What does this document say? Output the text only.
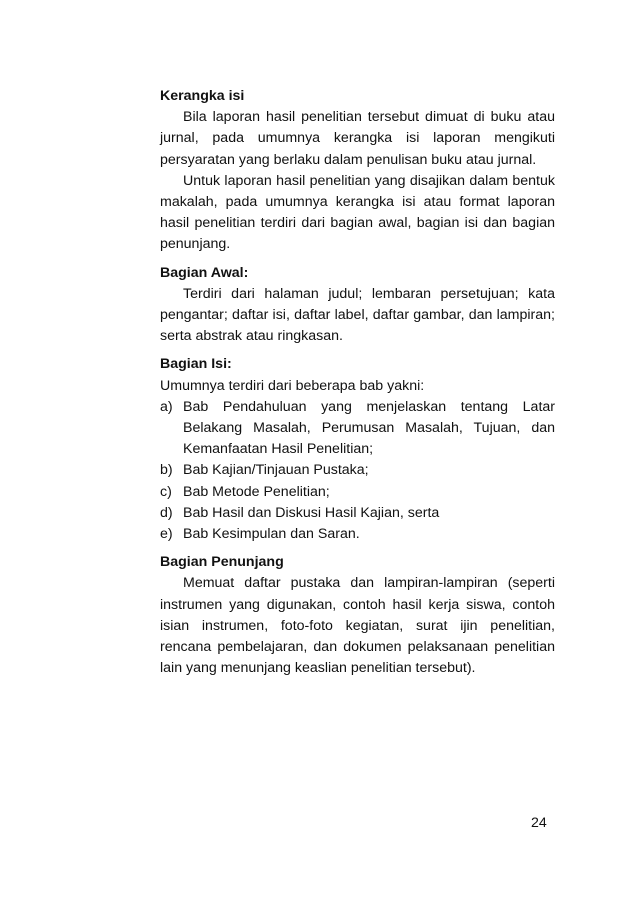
Kerangka isi

Bila laporan hasil penelitian tersebut dimuat di buku atau jurnal, pada umumnya kerangka isi laporan mengikuti persyaratan yang berlaku dalam penulisan buku atau jurnal.

Untuk laporan hasil penelitian yang disajikan dalam bentuk makalah, pada umumnya kerangka isi atau format laporan hasil penelitian terdiri dari bagian awal, bagian isi dan bagian penunjang.

Bagian Awal:

Terdiri dari halaman judul; lembaran persetujuan; kata pengantar; daftar isi, daftar label, daftar gambar, dan lampiran; serta abstrak atau ringkasan.

Bagian Isi:

Umumnya terdiri dari beberapa bab yakni:

a) Bab Pendahuluan yang menjelaskan tentang Latar Belakang Masalah, Perumusan Masalah, Tujuan, dan Kemanfaatan Hasil Penelitian;
b) Bab Kajian/Tinjauan Pustaka;
c) Bab Metode Penelitian;
d) Bab Hasil dan Diskusi Hasil Kajian, serta
e) Bab Kesimpulan dan Saran.

Bagian Penunjang

Memuat daftar pustaka dan lampiran-lampiran (seperti instrumen yang digunakan, contoh hasil kerja siswa, contoh isian instrumen, foto-foto kegiatan, surat ijin penelitian, rencana pembelajaran, dan dokumen pelaksanaan penelitian lain yang menunjang keaslian penelitian tersebut).

24
